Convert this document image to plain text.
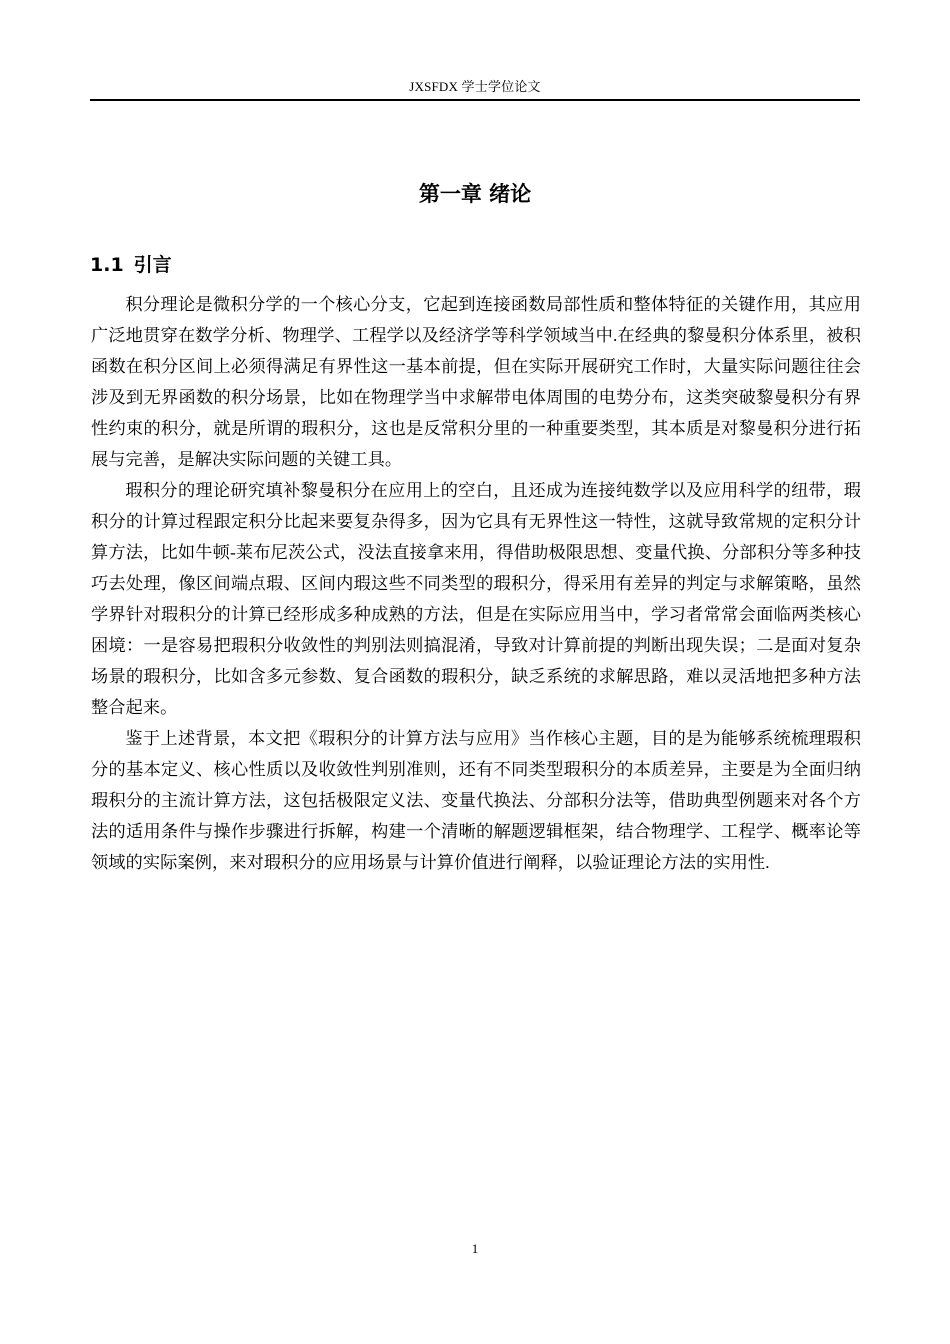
JXSFDX 学士学位论文
第一章 绪论
1.1 引言

积分理论是微积分学的一个核心分支，它起到连接函数局部性质和整体特征的关键作用，其应用广泛地贯穿在数学分析、物理学、工程学以及经济学等科学领域当中.在经典的黎曼积分体系里，被积函数在积分区间上必须得满足有界性这一基本前提，但在实际开展研究工作时，大量实际问题往往会涉及到无界函数的积分场景，比如在物理学当中求解带电体周围的电势分布，这类突破黎曼积分有界性约束的积分，就是所谓的瑕积分，这也是反常积分里的一种重要类型，其本质是对黎曼积分进行拓展与完善，是解决实际问题的关键工具。

瑕积分的理论研究填补黎曼积分在应用上的空白，且还成为连接纯数学以及应用科学的纽带，瑕积分的计算过程跟定积分比起来要复杂得多，因为它具有无界性这一特性，这就导致常规的定积分计算方法，比如牛顿-莱布尼茨公式，没法直接拿来用，得借助极限思想、变量代换、分部积分等多种技巧去处理，像区间端点瑕、区间内瑕这些不同类型的瑕积分，得采用有差异的判定与求解策略，虽然学界针对瑕积分的计算已经形成多种成熟的方法，但是在实际应用当中，学习者常常会面临两类核心困境：一是容易把瑕积分收敛性的判别法则搞混淆，导致对计算前提的判断出现失误；二是面对复杂场景的瑕积分，比如含多元参数、复合函数的瑕积分，缺乏系统的求解思路，难以灵活地把多种方法整合起来。

鉴于上述背景，本文把《瑕积分的计算方法与应用》当作核心主题，目的是为能够系统梳理瑕积分的基本定义、核心性质以及收敛性判别准则，还有不同类型瑕积分的本质差异，主要是为全面归纳瑕积分的主流计算方法，这包括极限定义法、变量代换法、分部积分法等，借助典型例题来对各个方法的适用条件与操作步骤进行拆解，构建一个清晰的解题逻辑框架，结合物理学、工程学、概率论等领域的实际案例，来对瑕积分的应用场景与计算价值进行阐释，以验证理论方法的实用性.

1
